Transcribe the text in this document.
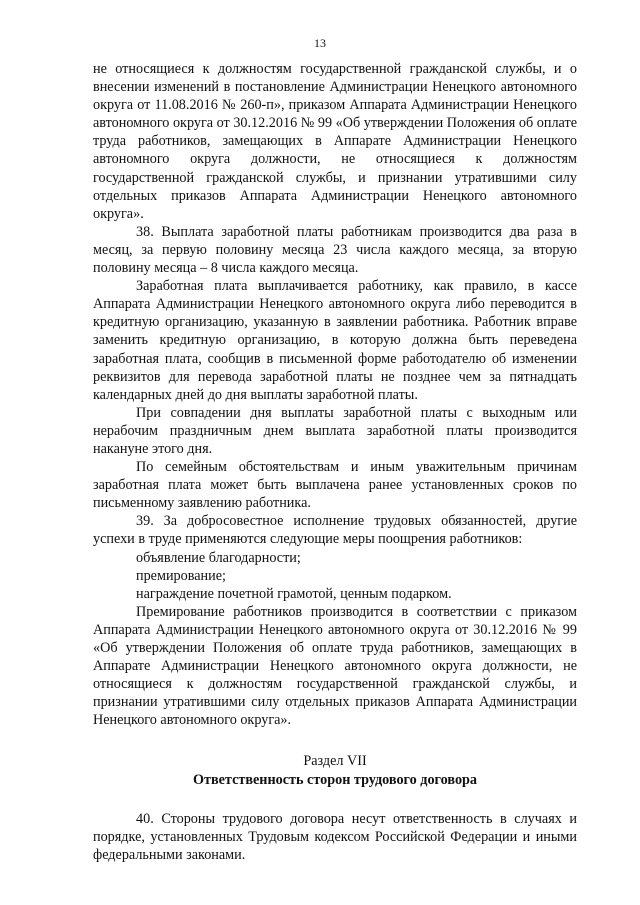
13

не относящиеся к должностям государственной гражданской службы, и о внесении изменений в постановление Администрации Ненецкого автономного округа от 11.08.2016 № 260-п», приказом Аппарата Администрации Ненецкого автономного округа от 30.12.2016 № 99 «Об утверждении Положения об оплате труда работников, замещающих в Аппарате Администрации Ненецкого автономного округа должности, не относящиеся к должностям государственной гражданской службы, и признании утратившими силу отдельных приказов Аппарата Администрации Ненецкого автономного округа».

38. Выплата заработной платы работникам производится два раза в месяц, за первую половину месяца 23 числа каждого месяца, за вторую половину месяца – 8 числа каждого месяца.

Заработная плата выплачивается работнику, как правило, в кассе Аппарата Администрации Ненецкого автономного округа либо переводится в кредитную организацию, указанную в заявлении работника. Работник вправе заменить кредитную организацию, в которую должна быть переведена заработная плата, сообщив в письменной форме работодателю об изменении реквизитов для перевода заработной платы не позднее чем за пятнадцать календарных дней до дня выплаты заработной платы.

При совпадении дня выплаты заработной платы с выходным или нерабочим праздничным днем выплата заработной платы производится накануне этого дня.

По семейным обстоятельствам и иным уважительным причинам заработная плата может быть выплачена ранее установленных сроков по письменному заявлению работника.

39. За добросовестное исполнение трудовых обязанностей, другие успехи в труде применяются следующие меры поощрения работников:

объявление благодарности;

премирование;

награждение почетной грамотой, ценным подарком.

Премирование работников производится в соответствии с приказом Аппарата Администрации Ненецкого автономного округа от 30.12.2016 № 99 «Об утверждении Положения об оплате труда работников, замещающих в Аппарате Администрации Ненецкого автономного округа должности, не относящиеся к должностям государственной гражданской службы, и признании утратившими силу отдельных приказов Аппарата Администрации Ненецкого автономного округа».

Раздел VII
Ответственность сторон трудового договора

40. Стороны трудового договора несут ответственность в случаях и порядке, установленных Трудовым кодексом Российской Федерации и иными федеральными законами.
